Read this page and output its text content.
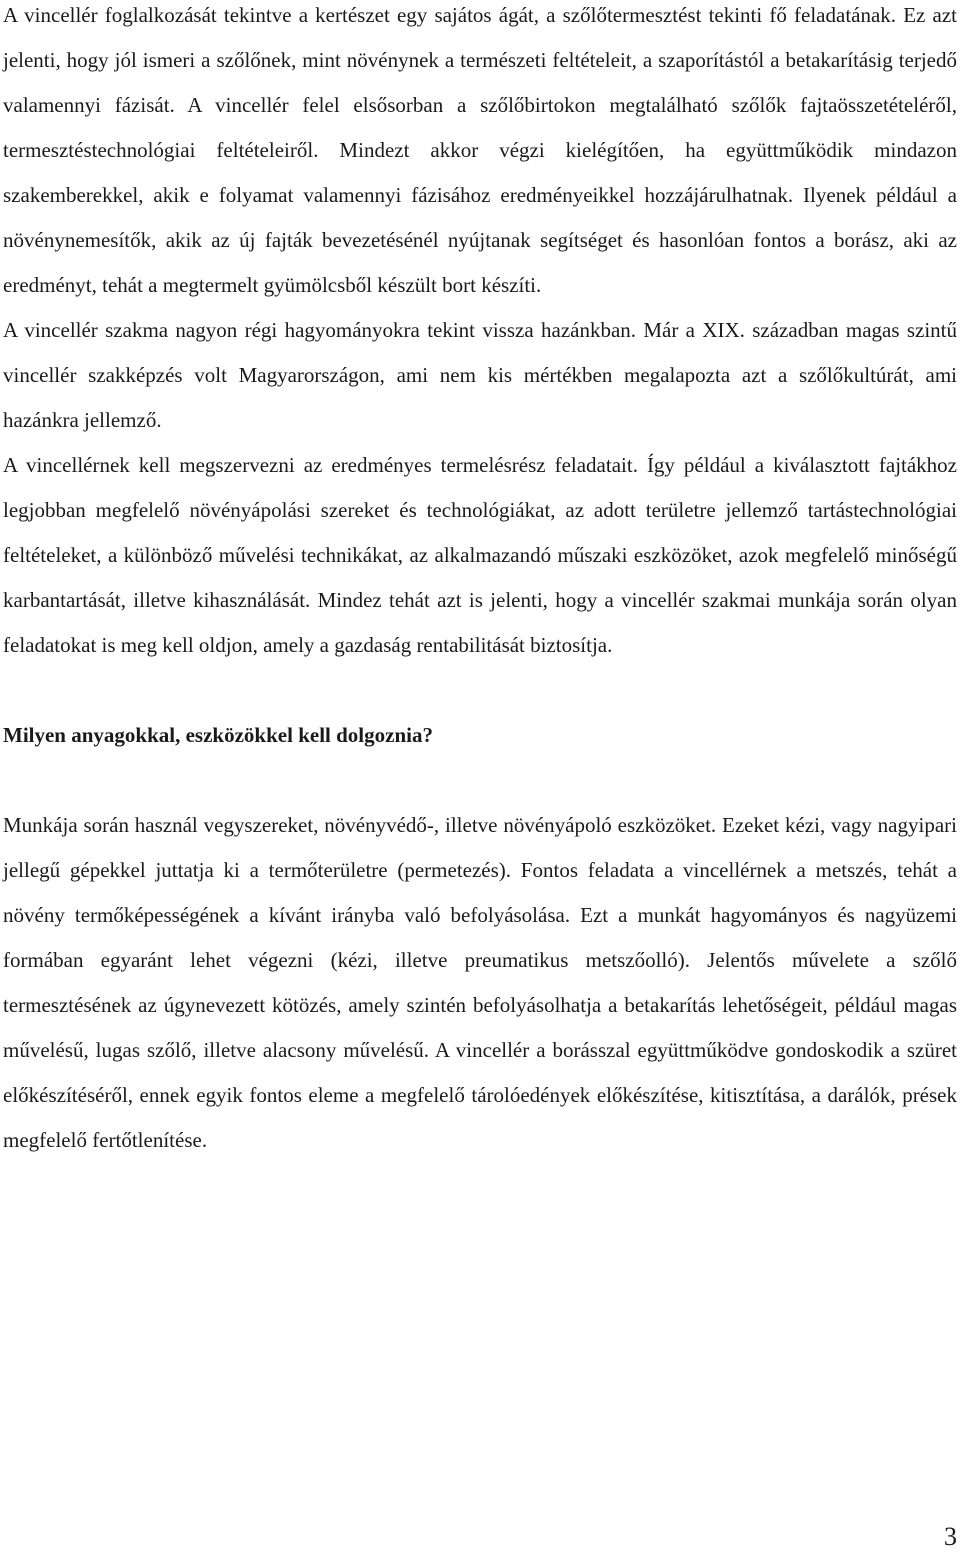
A vincellér foglalkozását tekintve a kertészet egy sajátos ágát, a szőlőtermesztést tekinti fő feladatának. Ez azt jelenti, hogy jól ismeri a szőlőnek, mint növénynek a természeti feltételeit, a szaporítástól a betakarításig terjedő valamennyi fázisát. A vincellér felel elsősorban a szőlőbirtokon megtalálható szőlők fajtaösszetételéről, termesztéstechnológiai feltételeiről. Mindezt akkor végzi kielégítően, ha együttműködik mindazon szakemberekkel, akik e folyamat valamennyi fázisához eredményeikkel hozzájárulhatnak. Ilyenek például a növénynemesítők, akik az új fajták bevezetésénél nyújtanak segítséget és hasonlóan fontos a borász, aki az eredményt, tehát a megtermelt gyümölcsből készült bort készíti.

A vincellér szakma nagyon régi hagyományokra tekint vissza hazánkban. Már a XIX. században magas szintű vincellér szakképzés volt Magyarországon, ami nem kis mértékben megalapozta azt a szőlőkultúrát, ami hazánkra jellemző.

A vincellérnek kell megszervezni az eredményes termelésrész feladatait. Így például a kiválasztott fajtákhoz legjobban megfelelő növényápolási szereket és technológiákat, az adott területre jellemző tartástechnológiai feltételeket, a különböző művelési technikákat, az alkalmazandó műszaki eszközöket, azok megfelelő minőségű karbantartását, illetve kihasználását. Mindez tehát azt is jelenti, hogy a vincellér szakmai munkája során olyan feladatokat is meg kell oldjon, amely a gazdaság rentabilitását biztosítja.

Milyen anyagokkal, eszközökkel kell dolgoznia?

Munkája során használ vegyszereket, növényvédő-, illetve növényápoló eszközöket. Ezeket kézi, vagy nagyipari jellegű gépekkel juttatja ki a termőterületre (permetezés). Fontos feladata a vincellérnek a metszés, tehát a növény termőképességének a kívánt irányba való befolyásolása. Ezt a munkát hagyományos és nagyüzemi formában egyaránt lehet végezni (kézi, illetve preumatikus metszőolló). Jelentős művelete a szőlő termesztésének az úgynevezett kötözés, amely szintén befolyásolhatja a betakarítás lehetőségeit, például magas művelésű, lugas szőlő, illetve alacsony művelésű. A vincellér a borásszal együttműködve gondoskodik a szüret előkészítéséről, ennek egyik fontos eleme a megfelelő tárolóedények előkészítése, kitisztítása, a darálók, prések megfelelő fertőtlenítése.

3
